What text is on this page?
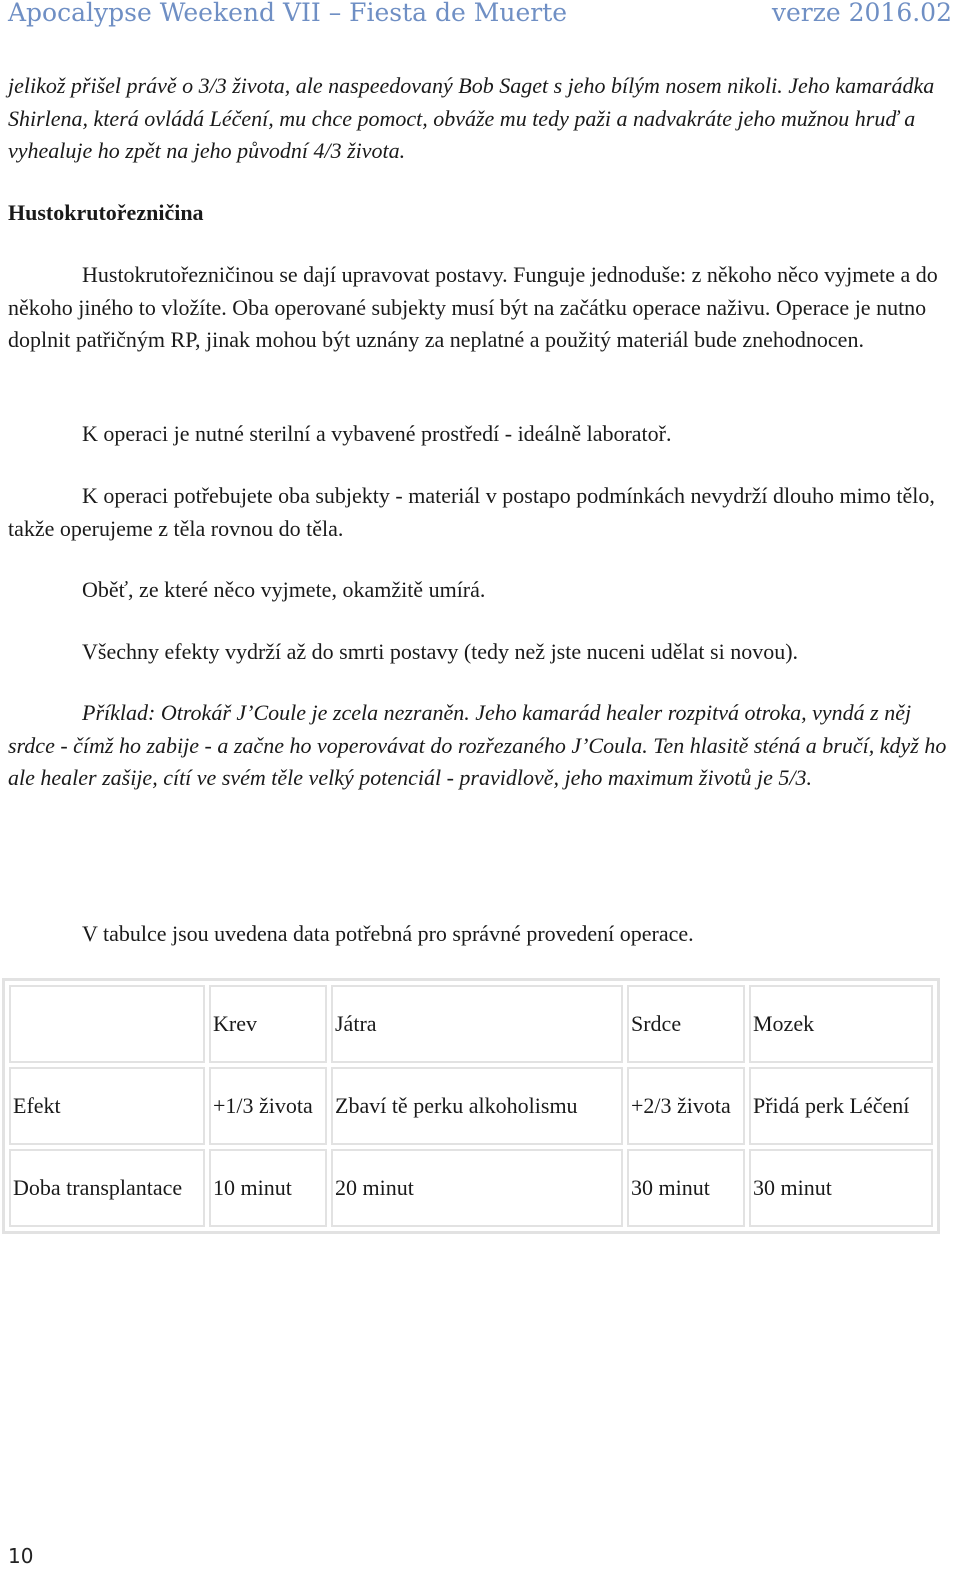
Apocalypse Weekend VII – Fiesta de Muerte	verze 2016.02

jelikož přišel právě o 3/3 života, ale naspeedovaný Bob Saget s jeho bílým nosem nikoli. Jeho kamarádka Shirlena, která ovládá Léčení, mu chce pomoct, obváže mu tedy paži a nadvakráte jeho mužnou hruď a vyhealuje ho zpět na jeho původní 4/3 života.

Hustokrutořezničina

Hustokrutořezničinou se dají upravovat postavy. Funguje jednoduše: z někoho něco vyjmete a do někoho jiného to vložíte. Oba operované subjekty musí být na začátku operace naživu. Operace je nutno doplnit patřičným RP, jinak mohou být uznány za neplatné a použitý materiál bude znehodnocen.

K operaci je nutné sterilní a vybavené prostředí - ideálně laboratoř.

K operaci potřebujete oba subjekty - materiál v postapo podmínkách nevydrží dlouho mimo tělo, takže operujeme z těla rovnou do těla.

Oběť, ze které něco vyjmete, okamžitě umírá.

Všechny efekty vydrží až do smrti postavy (tedy než jste nuceni udělat si novou).

Příklad: Otrokář J’Coule je zcela nezraněn. Jeho kamarád healer rozpitvá otroka, vyndá z něj srdce - čímž ho zabije - a začne ho voperovávat do rozřezaného J’Coula. Ten hlasitě sténá a bručí, když ho ale healer zašije, cítí ve svém těle velký potenciál - pravidlově, jeho maximum životů je 5/3.

V tabulce jsou uvedena data potřebná pro správné provedení operace.

	Krev	Játra	Srdce	Mozek
Efekt	+1/3 života	Zbaví tě perku alkoholismu	+2/3 života	Přidá perk Léčení
Doba transplantace	10 minut	20 minut	30 minut	30 minut
10
